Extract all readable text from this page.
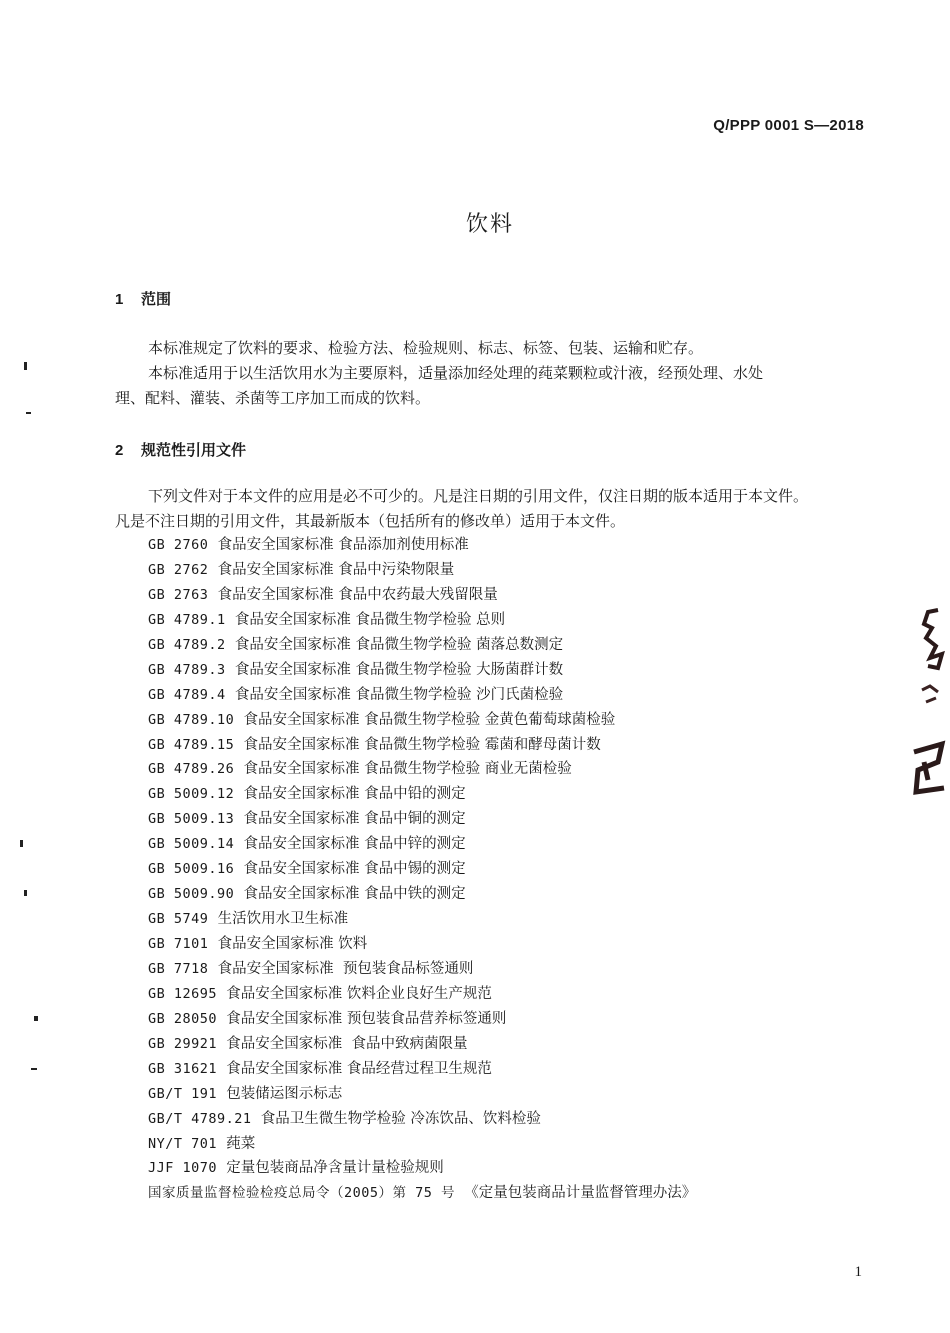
Q/PPP 0001 S—2018
饮料
1 范围
本标准规定了饮料的要求、检验方法、检验规则、标志、标签、包装、运输和贮存。
本标准适用于以生活饮用水为主要原料，适量添加经处理的莼菜颗粒或汁液，经预处理、水处
理、配料、灌装、杀菌等工序加工而成的饮料。
2 规范性引用文件
下列文件对于本文件的应用是必不可少的。凡是注日期的引用文件，仅注日期的版本适用于本文件。
凡是不注日期的引用文件，其最新版本（包括所有的修改单）适用于本文件。
GB 2760 食品安全国家标准 食品添加剂使用标准
GB 2762 食品安全国家标准 食品中污染物限量
GB 2763 食品安全国家标准 食品中农药最大残留限量
GB 4789.1 食品安全国家标准 食品微生物学检验 总则
GB 4789.2 食品安全国家标准 食品微生物学检验 菌落总数测定
GB 4789.3 食品安全国家标准 食品微生物学检验 大肠菌群计数
GB 4789.4 食品安全国家标准 食品微生物学检验 沙门氏菌检验
GB 4789.10 食品安全国家标准 食品微生物学检验 金黄色葡萄球菌检验
GB 4789.15 食品安全国家标准 食品微生物学检验 霉菌和酵母菌计数
GB 4789.26 食品安全国家标准 食品微生物学检验 商业无菌检验
GB 5009.12 食品安全国家标准 食品中铅的测定
GB 5009.13 食品安全国家标准 食品中铜的测定
GB 5009.14 食品安全国家标准 食品中锌的测定
GB 5009.16 食品安全国家标准 食品中锡的测定
GB 5009.90 食品安全国家标准 食品中铁的测定
GB 5749 生活饮用水卫生标准
GB 7101 食品安全国家标准 饮料
GB 7718 食品安全国家标准  预包装食品标签通则
GB 12695 食品安全国家标准 饮料企业良好生产规范
GB 28050 食品安全国家标准 预包装食品营养标签通则
GB 29921 食品安全国家标准  食品中致病菌限量
GB 31621 食品安全国家标准 食品经营过程卫生规范
GB/T 191 包装储运图示标志
GB/T 4789.21 食品卫生微生物学检验 冷冻饮品、饮料检验
NY/T 701 莼菜
JJF 1070 定量包装商品净含量计量检验规则
国家质量监督检验检疫总局令（2005）第 75 号 《定量包装商品计量监督管理办法》
1
